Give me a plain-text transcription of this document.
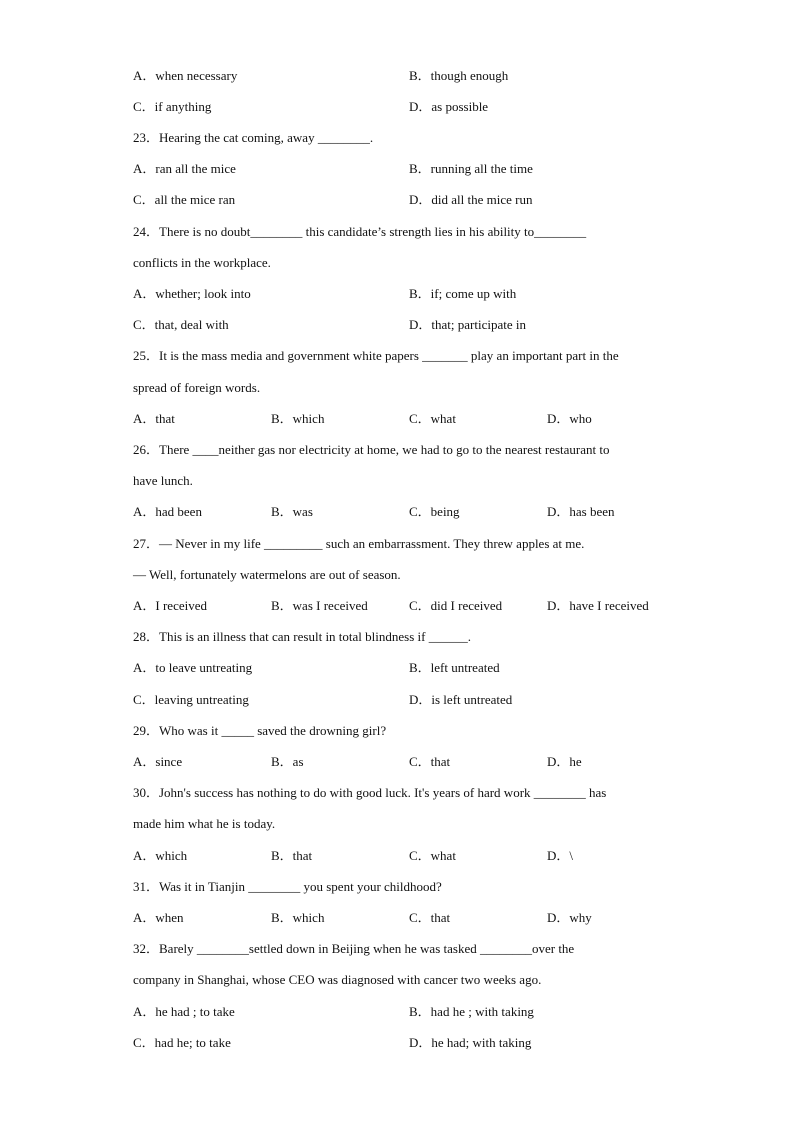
A．when necessary	B．though enough
C．if anything	D．as possible
23．Hearing the cat coming, away ________.
A．ran all the mice	B．running all the time
C．all the mice ran	D．did all the mice run
24．There is no doubt________ this candidate’s strength lies in his ability to________
conflicts in the workplace.
A．whether; look into	B．if; come up with
C．that, deal with	D．that; participate in
25．It is the mass media and government white papers _______ play an important part in the
spread of foreign words.
A．that	B．which	C．what	D．who
26．There ____neither gas nor electricity at home, we had to go to the nearest restaurant to
have lunch.
A．had been	B．was	C．being	D．has been
27．— Never in my life _________ such an embarrassment. They threw apples at me.
— Well, fortunately watermelons are out of season.
A．I received	B．was I received	C．did I received	D．have I received
28．This is an illness that can result in total blindness if ______.
A．to leave untreating	B．left untreated
C．leaving untreating	D．is left untreated
29．Who was it _____ saved the drowning girl?
A．since	B．as	C．that	D．he
30．John's success has nothing to do with good luck. It's years of hard work ________ has
made him what he is today.
A．which	B．that	C．what	D．\
31．Was it in Tianjin ________ you spent your childhood?
A．when	B．which	C．that	D．why
32．Barely ________settled down in Beijing when he was tasked ________over the
company in Shanghai, whose CEO was diagnosed with cancer two weeks ago.
A．he had ; to take	B．had he ; with taking
C．had he; to take	D．he had; with taking
